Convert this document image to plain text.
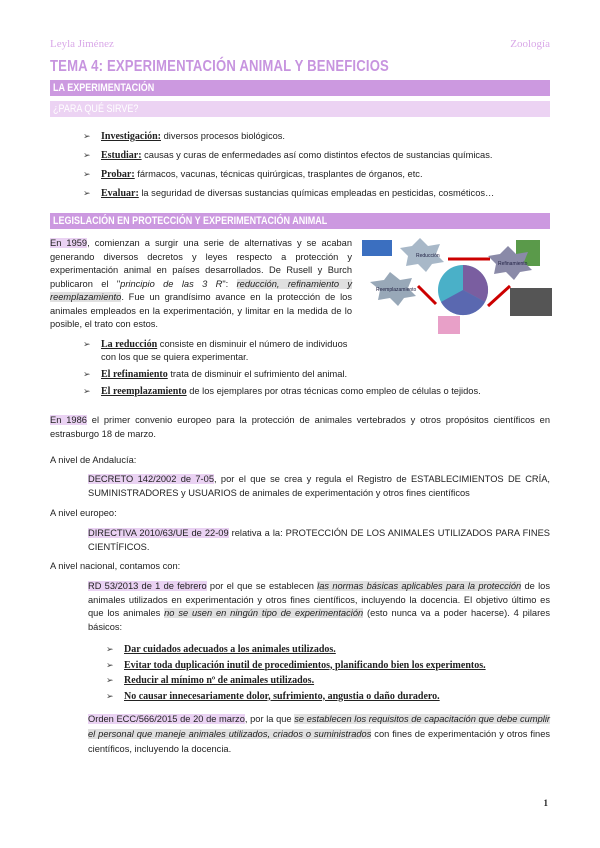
Leyla Jiménez	Zoología
TEMA 4: EXPERIMENTACIÓN ANIMAL Y BENEFICIOS
LA EXPERIMENTACIÓN
¿PARA QUÉ SIRVE?
➢ Investigación: diversos procesos biológicos.
➢ Estudiar: causas y curas de enfermedades así como distintos efectos de sustancias químicas.
➢ Probar: fármacos, vacunas, técnicas quirúrgicas, trasplantes de órganos, etc.
➢ Evaluar: la seguridad de diversas sustancias químicas empleadas en pesticidas, cosméticos…
LEGISLACIÓN EN PROTECCIÓN Y EXPERIMENTACIÓN ANIMAL

En 1959, comienzan a surgir una serie de alternativas y se acaban generando diversos decretos y leyes respecto a protección y experimentación animal en países desarrollados. De Rusell y Burch publicaron el "principio de las 3 R": reducción, refinamiento y reemplazamiento. Fue un grandísimo avance en la protección de los animales empleados en la experimentación, y limitar en la medida de lo posible, el trato con estos.

Reducción
Refinamiento
Reemplazamiento
➢ La reducción consiste en disminuir el número de individuos con los que se quiera experimentar.
➢ El refinamiento trata de disminuir el sufrimiento del animal.
➢ El reemplazamiento de los ejemplares por otras técnicas como empleo de células o tejidos.

En 1986 el primer convenio europeo para la protección de animales vertebrados y otros propósitos científicos en estrasburgo 18 de marzo.

A nivel de Andalucía:

DECRETO 142/2002 de 7-05, por el que se crea y regula el Registro de ESTABLECIMIENTOS DE CRÍA, SUMINISTRADORES y USUARIOS de animales de experimentación y otros fines científicos

A nivel europeo:

DIRECTIVA 2010/63/UE de 22-09 relativa a la: PROTECCIÓN DE LOS ANIMALES UTILIZADOS PARA FINES CIENTÍFICOS.

A nivel nacional, contamos con:

RD 53/2013 de 1 de febrero por el que se establecen las normas básicas aplicables para la protección de los animales utilizados en experimentación y otros fines científicos, incluyendo la docencia. El objetivo último es que los animales no se usen en ningún tipo de experimentación (esto nunca va a poder hacerse). 4 pilares básicos:

➢ Dar cuidados adecuados a los animales utilizados.
➢ Evitar toda duplicación inutil de procedimientos, planificando bien los experimentos.
➢ Reducir al mínimo nº de animales utilizados.
➢ No causar innecesariamente dolor, sufrimiento, angustia o daño duradero.

Orden ECC/566/2015 de 20 de marzo, por la que se establecen los requisitos de capacitación que debe cumplir el personal que maneje animales utilizados, criados o suministrados con fines de experimentación y otros fines científicos, incluyendo la docencia.

1
